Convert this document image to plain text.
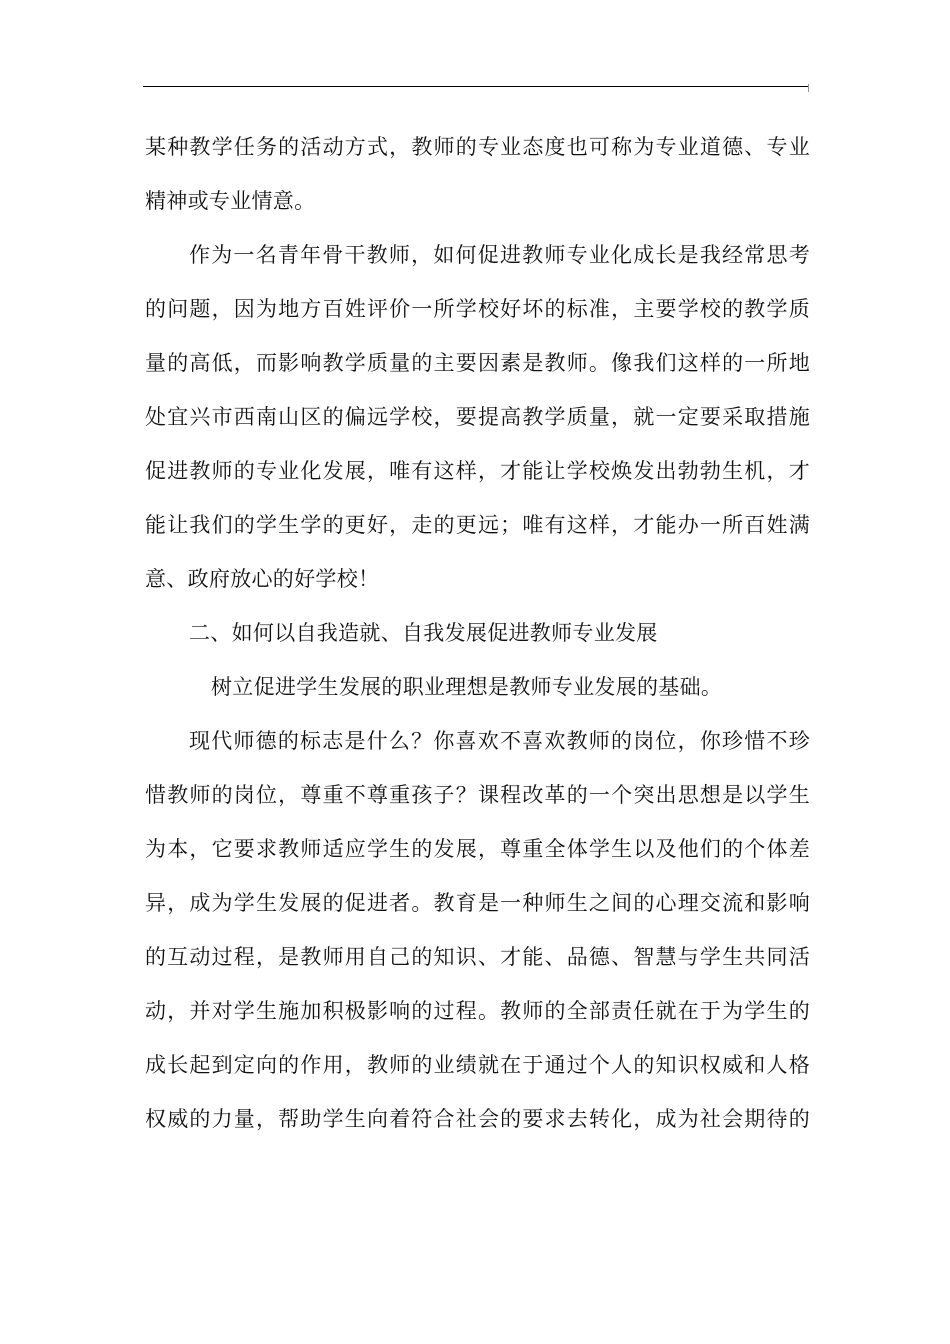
某种教学任务的活动方式，教师的专业态度也可称为专业道德、专业
精神或专业情意。
作为一名青年骨干教师，如何促进教师专业化成长是我经常思考
的问题，因为地方百姓评价一所学校好坏的标准，主要学校的教学质
量的高低，而影响教学质量的主要因素是教师。像我们这样的一所地
处宜兴市西南山区的偏远学校，要提高教学质量，就一定要采取措施
促进教师的专业化发展，唯有这样，才能让学校焕发出勃勃生机，才
能让我们的学生学的更好，走的更远；唯有这样，才能办一所百姓满
意、政府放心的好学校！
二、如何以自我造就、自我发展促进教师专业发展
树立促进学生发展的职业理想是教师专业发展的基础。
现代师德的标志是什么？你喜欢不喜欢教师的岗位，你珍惜不珍
惜教师的岗位，尊重不尊重孩子？课程改革的一个突出思想是以学生
为本，它要求教师适应学生的发展，尊重全体学生以及他们的个体差
异，成为学生发展的促进者。教育是一种师生之间的心理交流和影响
的互动过程，是教师用自己的知识、才能、品德、智慧与学生共同活
动，并对学生施加积极影响的过程。教师的全部责任就在于为学生的
成长起到定向的作用，教师的业绩就在于通过个人的知识权威和人格
权威的力量，帮助学生向着符合社会的要求去转化，成为社会期待的
